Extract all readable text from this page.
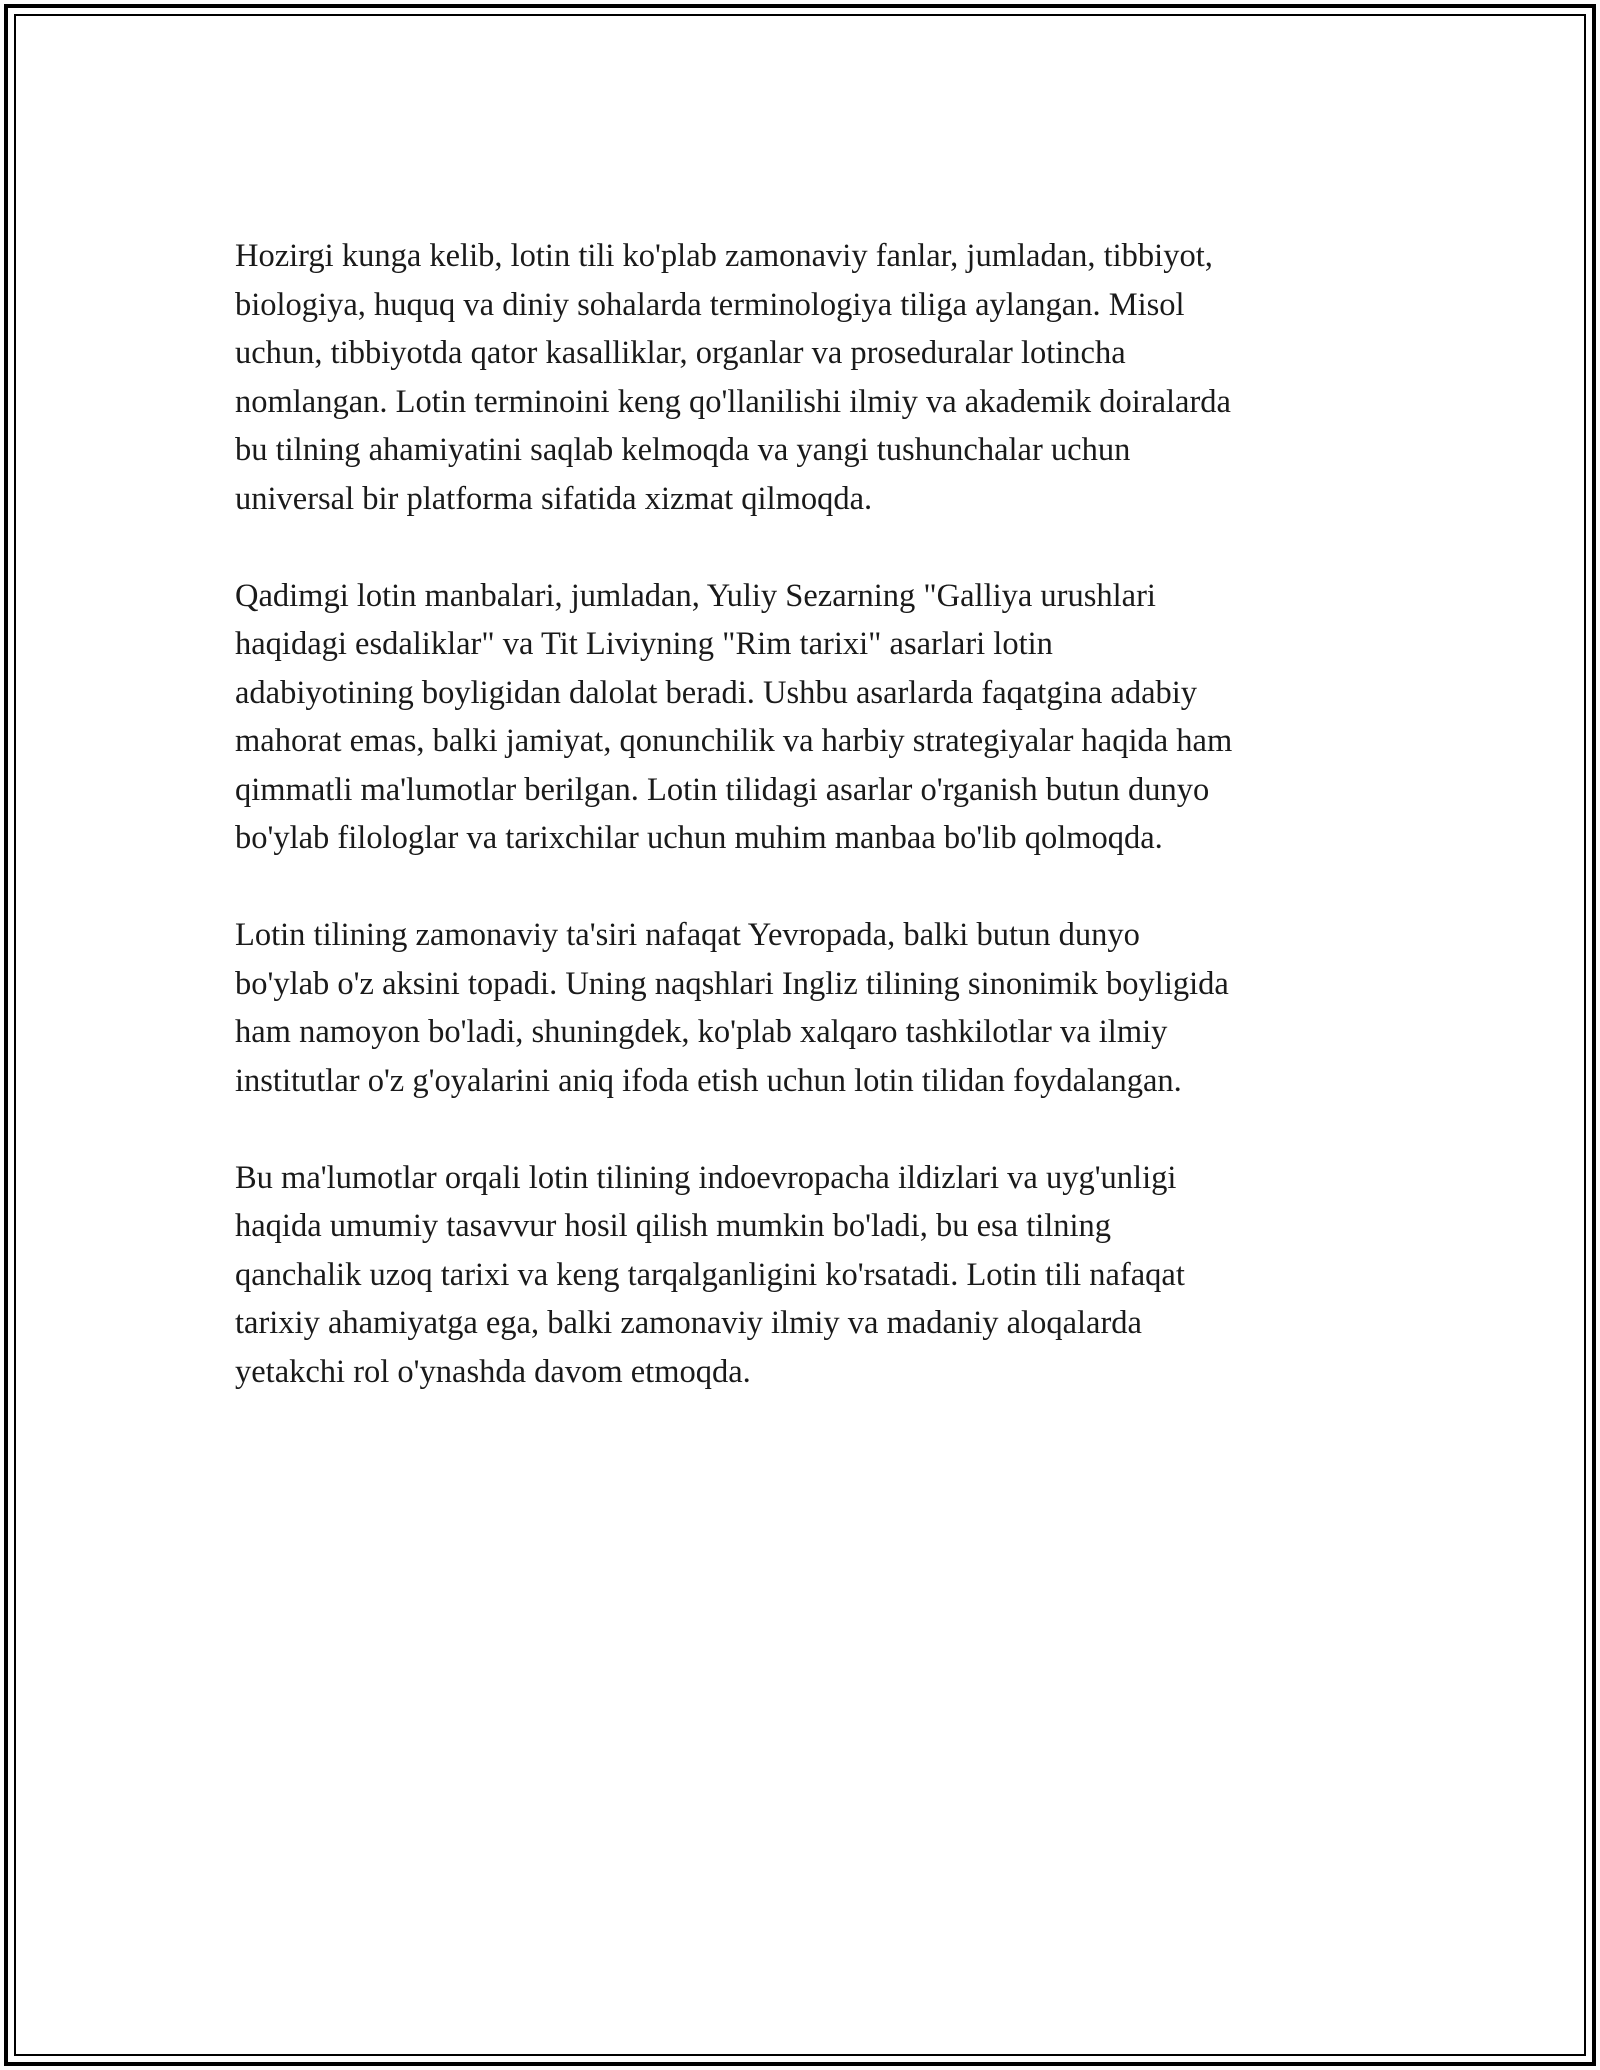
Hozirgi kunga kelib, lotin tili ko'plab zamonaviy fanlar, jumladan, tibbiyot,
biologiya, huquq va diniy sohalarda terminologiya tiliga aylangan. Misol
uchun, tibbiyotda qator kasalliklar, organlar va proseduralar lotincha
nomlangan. Lotin terminoini keng qo'llanilishi ilmiy va akademik doiralarda
bu tilning ahamiyatini saqlab kelmoqda va yangi tushunchalar uchun
universal bir platforma sifatida xizmat qilmoqda.

Qadimgi lotin manbalari, jumladan, Yuliy Sezarning "Galliya urushlari
haqidagi esdaliklar" va Tit Liviyning "Rim tarixi" asarlari lotin
adabiyotining boyligidan dalolat beradi. Ushbu asarlarda faqatgina adabiy
mahorat emas, balki jamiyat, qonunchilik va harbiy strategiyalar haqida ham
qimmatli ma'lumotlar berilgan. Lotin tilidagi asarlar o'rganish butun dunyo
bo'ylab filologlar va tarixchilar uchun muhim manbaa bo'lib qolmoqda.

Lotin tilining zamonaviy ta'siri nafaqat Yevropada, balki butun dunyo
bo'ylab o'z aksini topadi. Uning naqshlari Ingliz tilining sinonimik boyligida
ham namoyon bo'ladi, shuningdek, ko'plab xalqaro tashkilotlar va ilmiy
institutlar o'z g'oyalarini aniq ifoda etish uchun lotin tilidan foydalangan.

Bu ma'lumotlar orqali lotin tilining indoevropacha ildizlari va uyg'unligi
haqida umumiy tasavvur hosil qilish mumkin bo'ladi, bu esa tilning
qanchalik uzoq tarixi va keng tarqalganligini ko'rsatadi. Lotin tili nafaqat
tarixiy ahamiyatga ega, balki zamonaviy ilmiy va madaniy aloqalarda
yetakchi rol o'ynashda davom etmoqda.
